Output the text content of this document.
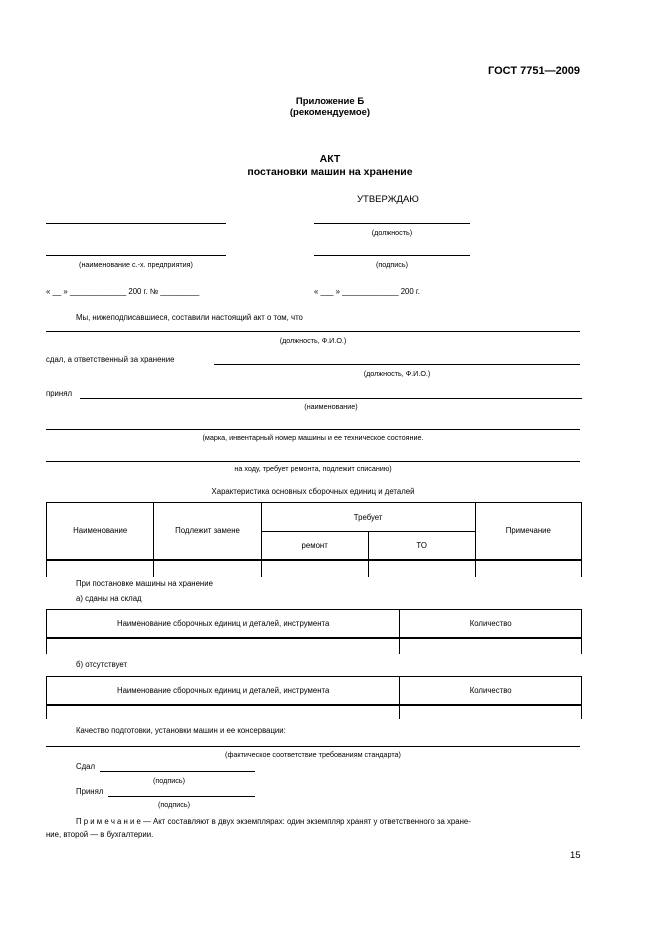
ГОСТ 7751—2009
Приложение Б
(рекомендуемое)
АКТ
постановки машин на хранение
УТВЕРЖДАЮ
(должность)
(наименование с.-х. предприятия)	(подпись)
« __ » _____________ 200 г. № _________	« ___ » _____________ 200 г.
Мы, нижеподписавшиеся, составили настоящий акт о том, что
(должность, Ф.И.О.)
сдал, а ответственный за хранение
(должность, Ф.И.О.)
принял
(наименование)
(марка, инвентарный номер машины и ее техническое состояние.
на ходу, требует ремонта, подлежит списанию)
Характеристика основных сборочных единиц и деталей
Наименование	Подлежит замене	Требует		Примечание
		ремонт	ТО	

При постановке машины на хранение
а) сданы на склад
Наименование сборочных единиц и деталей, инструмента	Количество

б) отсутствует
Наименование сборочных единиц и деталей, инструмента	Количество

Качество подготовки, установки машин и ее консервации:
(фактическое соответствие требованиям стандарта)
Сдал
(подпись)
Принял
(подпись)
П р и м е ч а н и е — Акт составляют в двух экземплярах: один экземпляр хранят у ответственного за хране-
ние, второй — в бухгалтерии.
15
